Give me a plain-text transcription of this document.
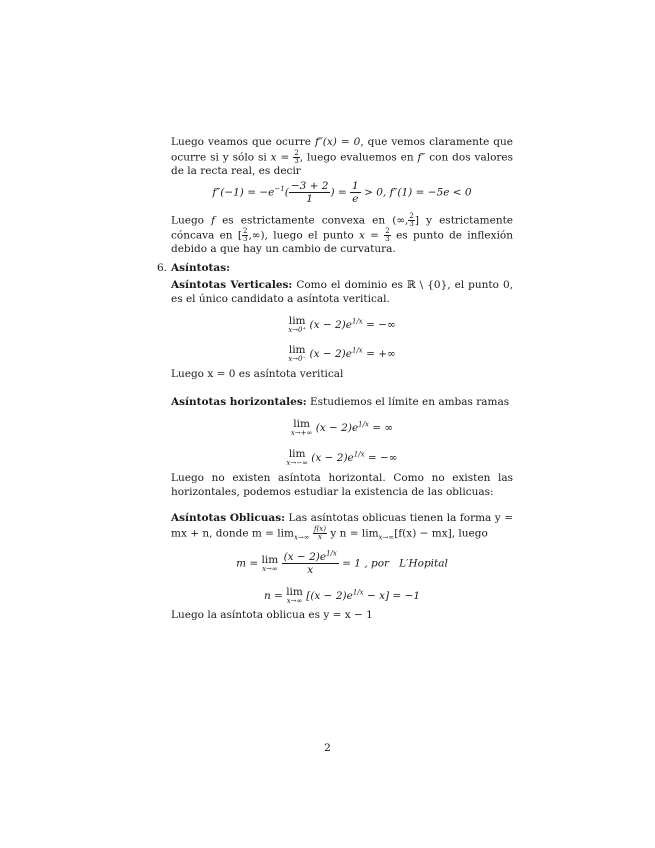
Luego veamos que ocurre f″(x) = 0, que vemos claramente que ocurre si y sólo si $x = \frac{2}{3}$ , luego evaluemos en f″ con dos valores de la recta real, es decir
$f''(-1) = -e^{-1}( \frac{-3 + 2}{1}$ ) = $\frac{1}{e} > 0$, f″(1) = −5e < 0
Luego f es estrictamente convexa en (∞, $\frac{2}{3}$ ] y estrictamente cóncava en [ $\frac{2}{3}$ ,∞), luego el punto $x = \frac{2}{3}$ es punto de inflexión debido a que hay un cambio de curvatura.
6. Asíntotas:
Asíntotas Verticales: Como el dominio es ℝ \ {0}, el punto 0, es el único candidato a asíntota veritical.
lim
x→0⁺ $(x - 2)e^{1/x}$ = −∞
lim
x→0⁻ $(x - 2)e^{1/x}$ = +∞
Luego x = 0 es asíntota veritical
Asíntotas horizontales: Estudiemos el límite en ambas ramas
lim
x→+∞ $(x - 2)e^{1/x}$ = ∞
lim
x→−∞ $(x - 2)e^{1/x}$ = −∞
Luego no existen asíntota horizontal. Como no existen las horizontales, podemos estudiar la existencia de las oblicuas:
Asíntotas Oblicuas: Las asíntotas oblicuas tienen la forma y = mx + n, donde $m = \lim_{x\to\infty} \frac{f(x)}{x}$ y $n = \lim_{x\to\infty}[f(x) - mx]$, luego
m = lim
x→∞
$\frac{(x - 2)e^{1/x}}{x} = 1$ , por L′Hopital
n = lim
x→∞ $[(x - 2)e^{1/x} - x] = -1$
Luego la asíntota oblicua es y = x − 1
2
